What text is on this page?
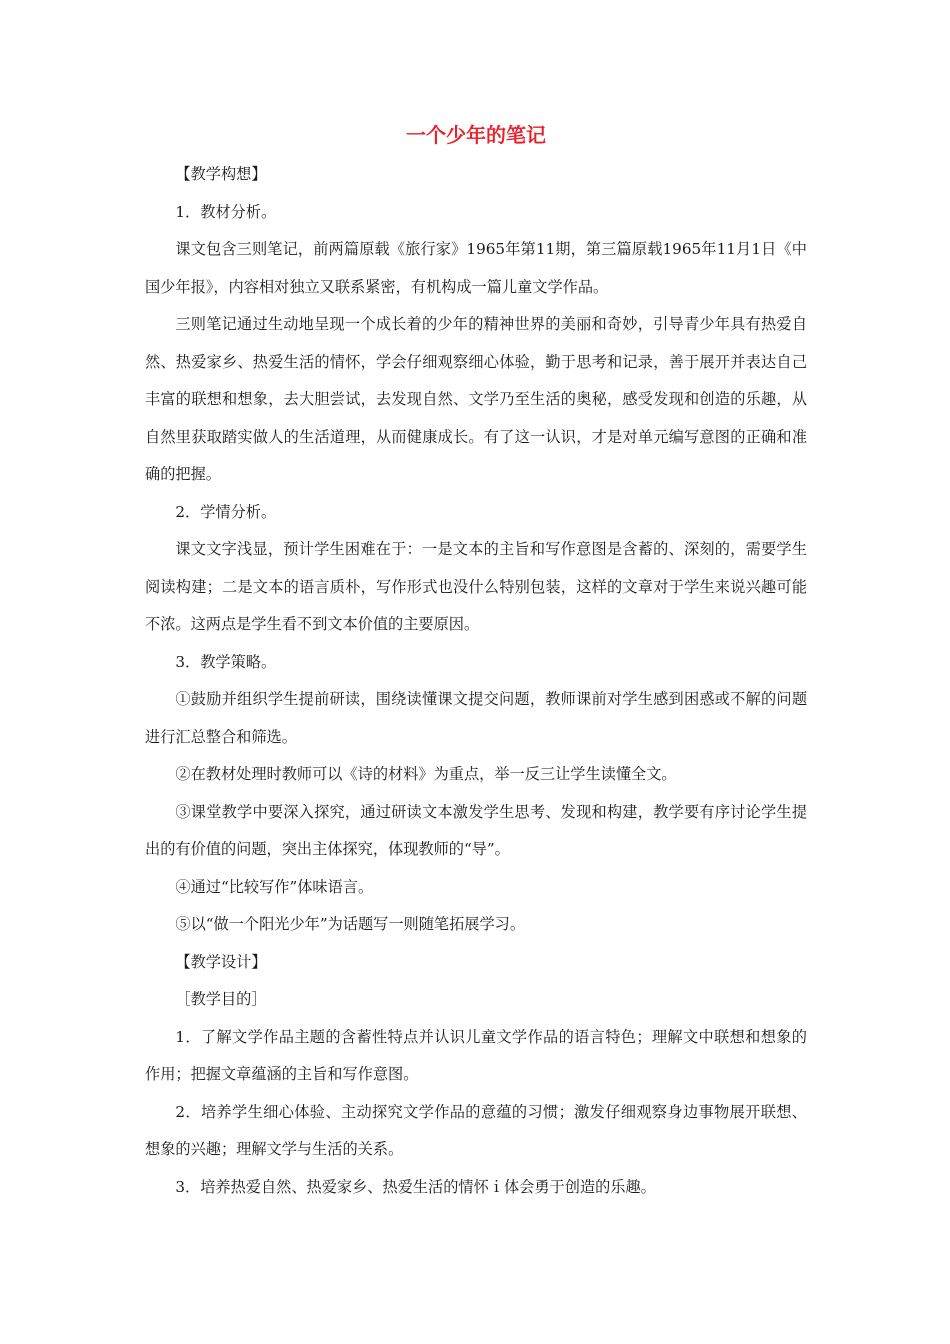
一个少年的笔记

【教学构想】

1．教材分析。

课文包含三则笔记，前两篇原载《旅行家》1965年第11期，第三篇原载1965年11月1日《中国少年报》，内容相对独立又联系紧密，有机构成一篇儿童文学作品。

三则笔记通过生动地呈现一个成长着的少年的精神世界的美丽和奇妙，引导青少年具有热爱自然、热爱家乡、热爱生活的情怀，学会仔细观察细心体验，勤于思考和记录，善于展开并表达自己丰富的联想和想象，去大胆尝试，去发现自然、文学乃至生活的奥秘，感受发现和创造的乐趣，从自然里获取踏实做人的生活道理，从而健康成长。有了这一认识，才是对单元编写意图的正确和准确的把握。

2．学情分析。

课文文字浅显，预计学生困难在于：一是文本的主旨和写作意图是含蓄的、深刻的，需要学生阅读构建；二是文本的语言质朴，写作形式也没什么特别包装，这样的文章对于学生来说兴趣可能不浓。这两点是学生看不到文本价值的主要原因。

3．教学策略。

①鼓励并组织学生提前研读，围绕读懂课文提交问题，教师课前对学生感到困惑或不解的问题进行汇总整合和筛选。

②在教材处理时教师可以《诗的材料》为重点，举一反三让学生读懂全文。

③课堂教学中要深入探究，通过研读文本激发学生思考、发现和构建，教学要有序讨论学生提出的有价值的问题，突出主体探究，体现教师的“导”。

④通过“比较写作”体味语言。

⑤以“做一个阳光少年”为话题写一则随笔拓展学习。

【教学设计】

［教学目的］

1．了解文学作品主题的含蓄性特点并认识儿童文学作品的语言特色；理解文中联想和想象的作用；把握文章蕴涵的主旨和写作意图。

2．培养学生细心体验、主动探究文学作品的意蕴的习惯；激发仔细观察身边事物展开联想、想象的兴趣；理解文学与生活的关系。

3．培养热爱自然、热爱家乡、热爱生活的情怀ｉ体会勇于创造的乐趣。
